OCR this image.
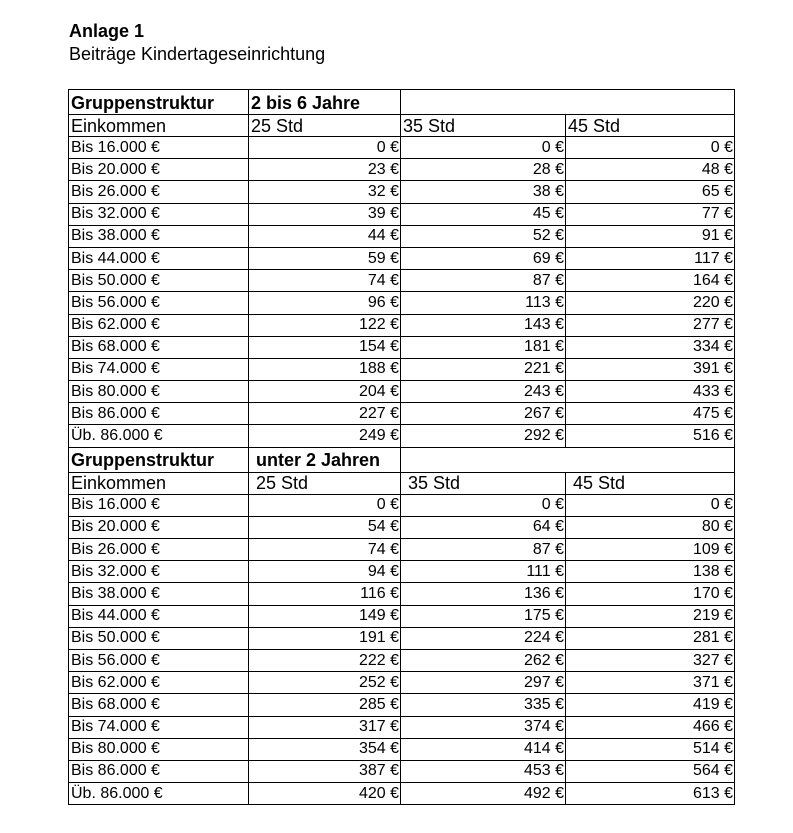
Anlage 1
Beiträge Kindertageseinrichtung
Gruppenstruktur	2 bis 6 Jahre		
Einkommen	25 Std	35 Std	45 Std
Bis 16.000 €	0 €	0 €	0 €
Bis 20.000 €	23 €	28 €	48 €
Bis 26.000 €	32 €	38 €	65 €
Bis 32.000 €	39 €	45 €	77 €
Bis 38.000 €	44 €	52 €	91 €
Bis 44.000 €	59 €	69 €	117 €
Bis 50.000 €	74 €	87 €	164 €
Bis 56.000 €	96 €	113 €	220 €
Bis 62.000 €	122 €	143 €	277 €
Bis 68.000 €	154 €	181 €	334 €
Bis 74.000 €	188 €	221 €	391 €
Bis 80.000 €	204 €	243 €	433 €
Bis 86.000 €	227 €	267 €	475 €
Üb. 86.000 €	249 €	292 €	516 €
Gruppenstruktur	unter 2 Jahren		
Einkommen	25 Std	35 Std	45 Std
Bis 16.000 €	0 €	0 €	0 €
Bis 20.000 €	54 €	64 €	80 €
Bis 26.000 €	74 €	87 €	109 €
Bis 32.000 €	94 €	111 €	138 €
Bis 38.000 €	116 €	136 €	170 €
Bis 44.000 €	149 €	175 €	219 €
Bis 50.000 €	191 €	224 €	281 €
Bis 56.000 €	222 €	262 €	327 €
Bis 62.000 €	252 €	297 €	371 €
Bis 68.000 €	285 €	335 €	419 €
Bis 74.000 €	317 €	374 €	466 €
Bis 80.000 €	354 €	414 €	514 €
Bis 86.000 €	387 €	453 €	564 €
Üb. 86.000 €	420 €	492 €	613 €
